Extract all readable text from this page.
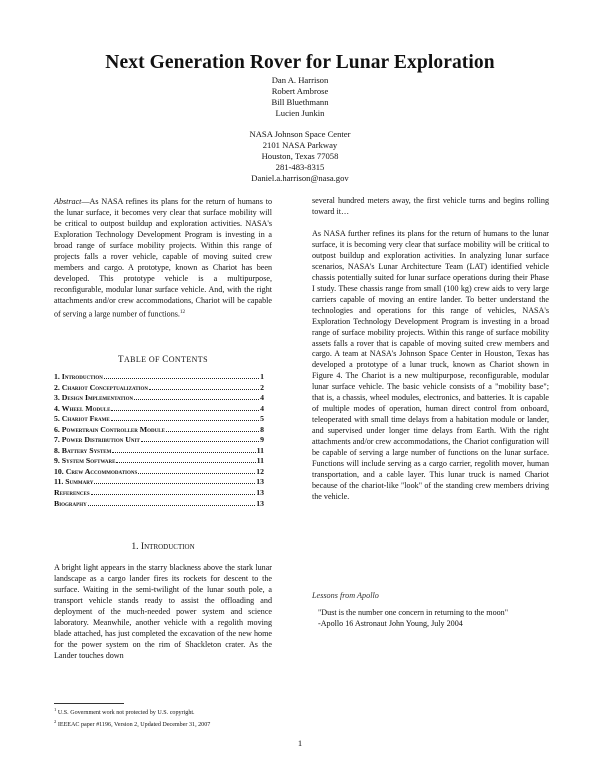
Next Generation Rover for Lunar Exploration
Dan A. Harrison
Robert Ambrose
Bill Bluethmann
Lucien Junkin
NASA Johnson Space Center
2101 NASA Parkway
Houston, Texas 77058
281-483-8315
Daniel.a.harrison@nasa.gov
Abstract—As NASA refines its plans for the return of humans to the lunar surface, it becomes very clear that surface mobility will be critical to outpost buildup and exploration activities. NASA's Exploration Technology Development Program is investing in a broad range of surface mobility projects. Within this range of projects falls a rover vehicle, capable of moving suited crew members and cargo. A prototype, known as Chariot has been developed. This prototype vehicle is a multipurpose, reconfigurable, modular lunar surface vehicle. And, with the right attachments and/or crew accommodations, Chariot will be capable of serving a large number of functions.$^{12}$
TABLE OF CONTENTS
1. Introduction	1
2. Chariot Conceptualization	2
3. Design Implementation	4
4. Wheel Module	4
5. Chariot Frame	5
6. Powertrain Controller Module	8
7. Power Distribution Unit	9
8. Battery System	11
9. System Software	11
10. Crew Accommodations	12
11. Summary	13
References	13
Biography	13
1. Introduction
A bright light appears in the starry blackness above the stark lunar landscape as a cargo lander fires its rockets for descent to the surface. Waiting in the semi-twilight of the lunar south pole, a transport vehicle stands ready to assist the offloading and deployment of the much-needed power system and science laboratory. Meanwhile, another vehicle with a regolith moving blade attached, has just completed the excavation of the new home for the power system on the rim of Shackleton crater. As the Lander touches down
several hundred meters away, the first vehicle turns and begins rolling toward it…
As NASA further refines its plans for the return of humans to the lunar surface, it is becoming very clear that surface mobility will be critical to outpost buildup and exploration activities. In analyzing lunar surface scenarios, NASA's Lunar Architecture Team (LAT) identified vehicle chassis potentially suited for lunar surface operations during their Phase I study. These chassis range from small (100 kg) crew aids to very large carriers capable of moving an entire lander. To better understand the technologies and operations for this range of vehicles, NASA's Exploration Technology Development Program is investing in a broad range of surface mobility projects. Within this range of surface mobility assets falls a rover that is capable of moving suited crew members and cargo. A team at NASA's Johnson Space Center in Houston, Texas has developed a prototype of a lunar truck, known as Chariot shown in Figure 4. The Chariot is a new multipurpose, reconfigurable, modular lunar surface vehicle. The basic vehicle consists of a "mobility base"; that is, a chassis, wheel modules, electronics, and batteries. It is capable of multiple modes of operation, human direct control from onboard, teleoperated with small time delays from a habitation module or lander, and supervised under longer time delays from Earth. With the right attachments and/or crew accommodations, the Chariot configuration will be capable of serving a large number of functions on the lunar surface. Functions will include serving as a cargo carrier, regolith mover, human transportation, and a cable layer. This lunar truck is named Chariot because of the chariot-like "look" of the standing crew members driving the vehicle.
Lessons from Apollo
"Dust is the number one concern in returning to the moon"
-Apollo 16 Astronaut John Young, July 2004
$^1$ U.S. Government work not protected by U.S. copyright.
$^2$ IEEEAC paper #1196, Version 2, Updated December 31, 2007
1
